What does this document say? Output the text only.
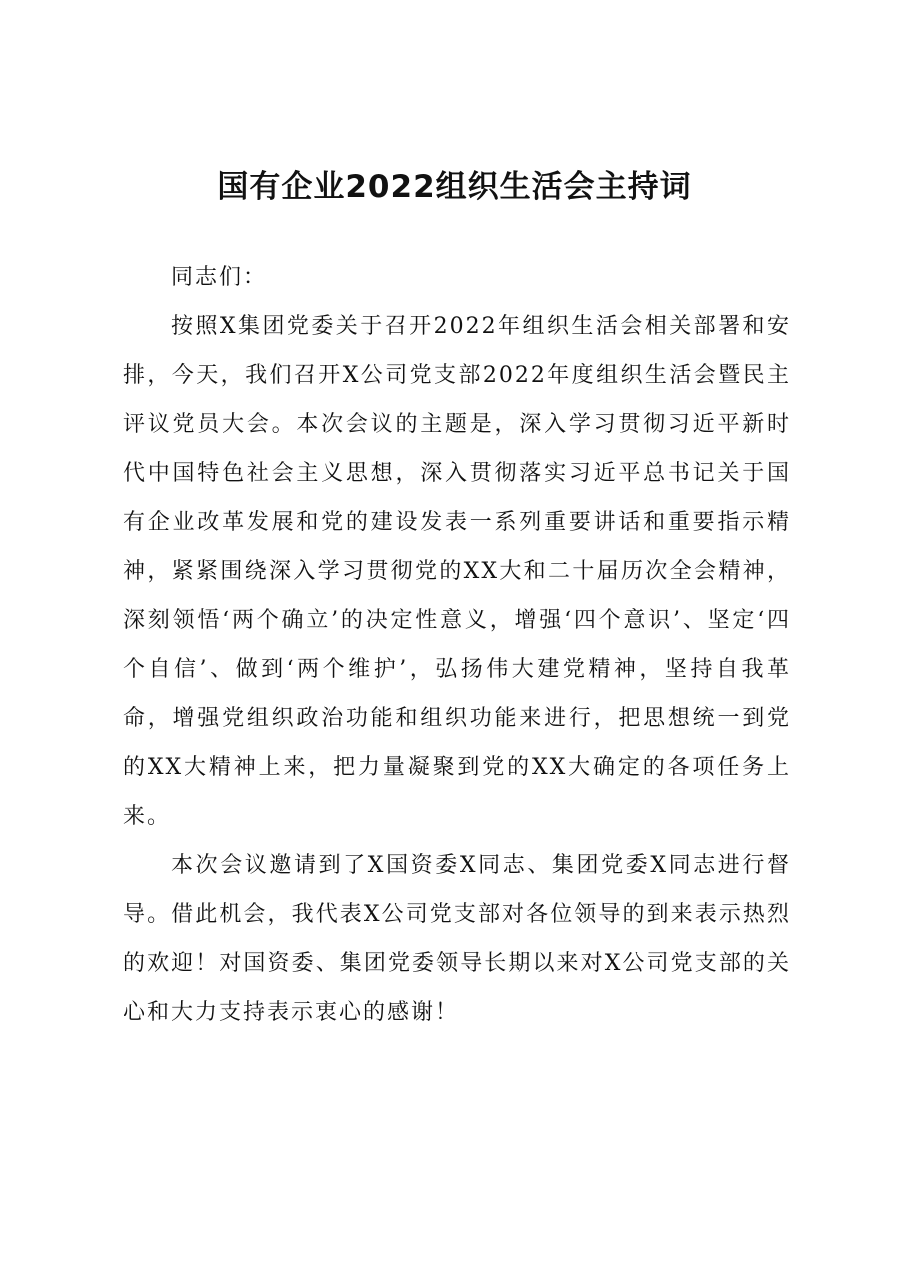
国有企业2022组织生活会主持词

同志们：

按照X集团党委关于召开2022年组织生活会相关部署和安排，今天，我们召开X公司党支部2022年度组织生活会暨民主评议党员大会。本次会议的主题是，深入学习贯彻习近平新时代中国特色社会主义思想，深入贯彻落实习近平总书记关于国有企业改革发展和党的建设发表一系列重要讲话和重要指示精神，紧紧围绕深入学习贯彻党的XX大和二十届历次全会精神，深刻领悟‘两个确立’的决定性意义，增强‘四个意识’、坚定‘四个自信’、做到‘两个维护’，弘扬伟大建党精神，坚持自我革命，增强党组织政治功能和组织功能来进行，把思想统一到党的XX大精神上来，把力量凝聚到党的XX大确定的各项任务上来。

本次会议邀请到了X国资委X同志、集团党委X同志进行督导。借此机会，我代表X公司党支部对各位领导的到来表示热烈的欢迎！对国资委、集团党委领导长期以来对X公司党支部的关心和大力支持表示衷心的感谢！
